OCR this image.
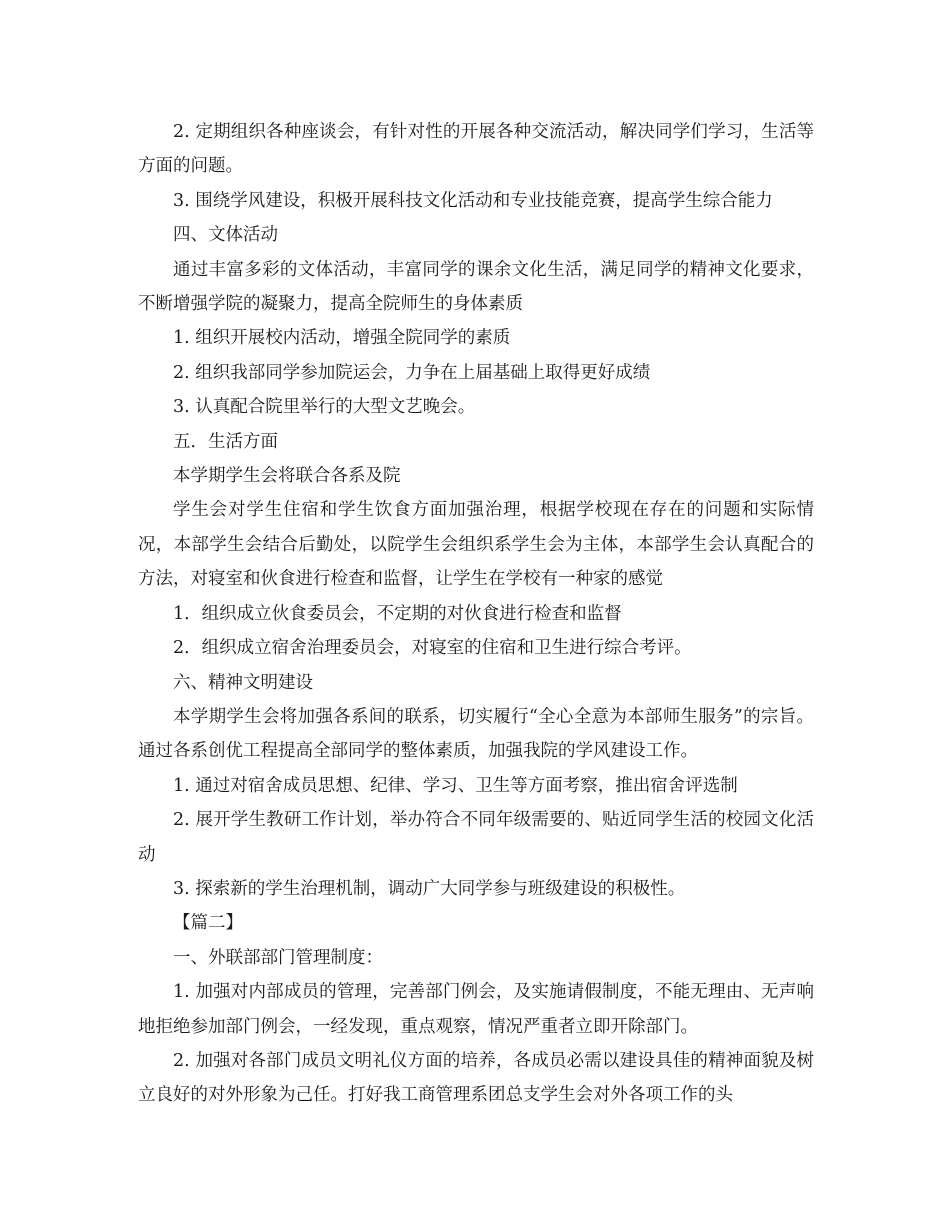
2. 定期组织各种座谈会，有针对性的开展各种交流活动，解决同学们学习，生活等方面的问题。

3. 围绕学风建设，积极开展科技文化活动和专业技能竞赛，提高学生综合能力

四、文体活动

通过丰富多彩的文体活动，丰富同学的课余文化生活，满足同学的精神文化要求，不断增强学院的凝聚力，提高全院师生的身体素质

1. 组织开展校内活动，增强全院同学的素质

2. 组织我部同学参加院运会，力争在上届基础上取得更好成绩

3. 认真配合院里举行的大型文艺晚会。

五．生活方面

本学期学生会将联合各系及院

学生会对学生住宿和学生饮食方面加强治理，根据学校现在存在的问题和实际情况，本部学生会结合后勤处，以院学生会组织系学生会为主体，本部学生会认真配合的方法，对寝室和伙食进行检查和监督，让学生在学校有一种家的感觉

1．组织成立伙食委员会，不定期的对伙食进行检查和监督

2．组织成立宿舍治理委员会，对寝室的住宿和卫生进行综合考评。

六、精神文明建设

本学期学生会将加强各系间的联系，切实履行“全心全意为本部师生服务”的宗旨。通过各系创优工程提高全部同学的整体素质，加强我院的学风建设工作。

1. 通过对宿舍成员思想、纪律、学习、卫生等方面考察，推出宿舍评选制

2. 展开学生教研工作计划，举办符合不同年级需要的、贴近同学生活的校园文化活动

3. 探索新的学生治理机制，调动广大同学参与班级建设的积极性。

【篇二】

一、外联部部门管理制度：

1. 加强对内部成员的管理，完善部门例会，及实施请假制度，不能无理由、无声响地拒绝参加部门例会，一经发现，重点观察，情况严重者立即开除部门。

2. 加强对各部门成员文明礼仪方面的培养，各成员必需以建设具佳的精神面貌及树立良好的对外形象为己任。打好我工商管理系团总支学生会对外各项工作的头
